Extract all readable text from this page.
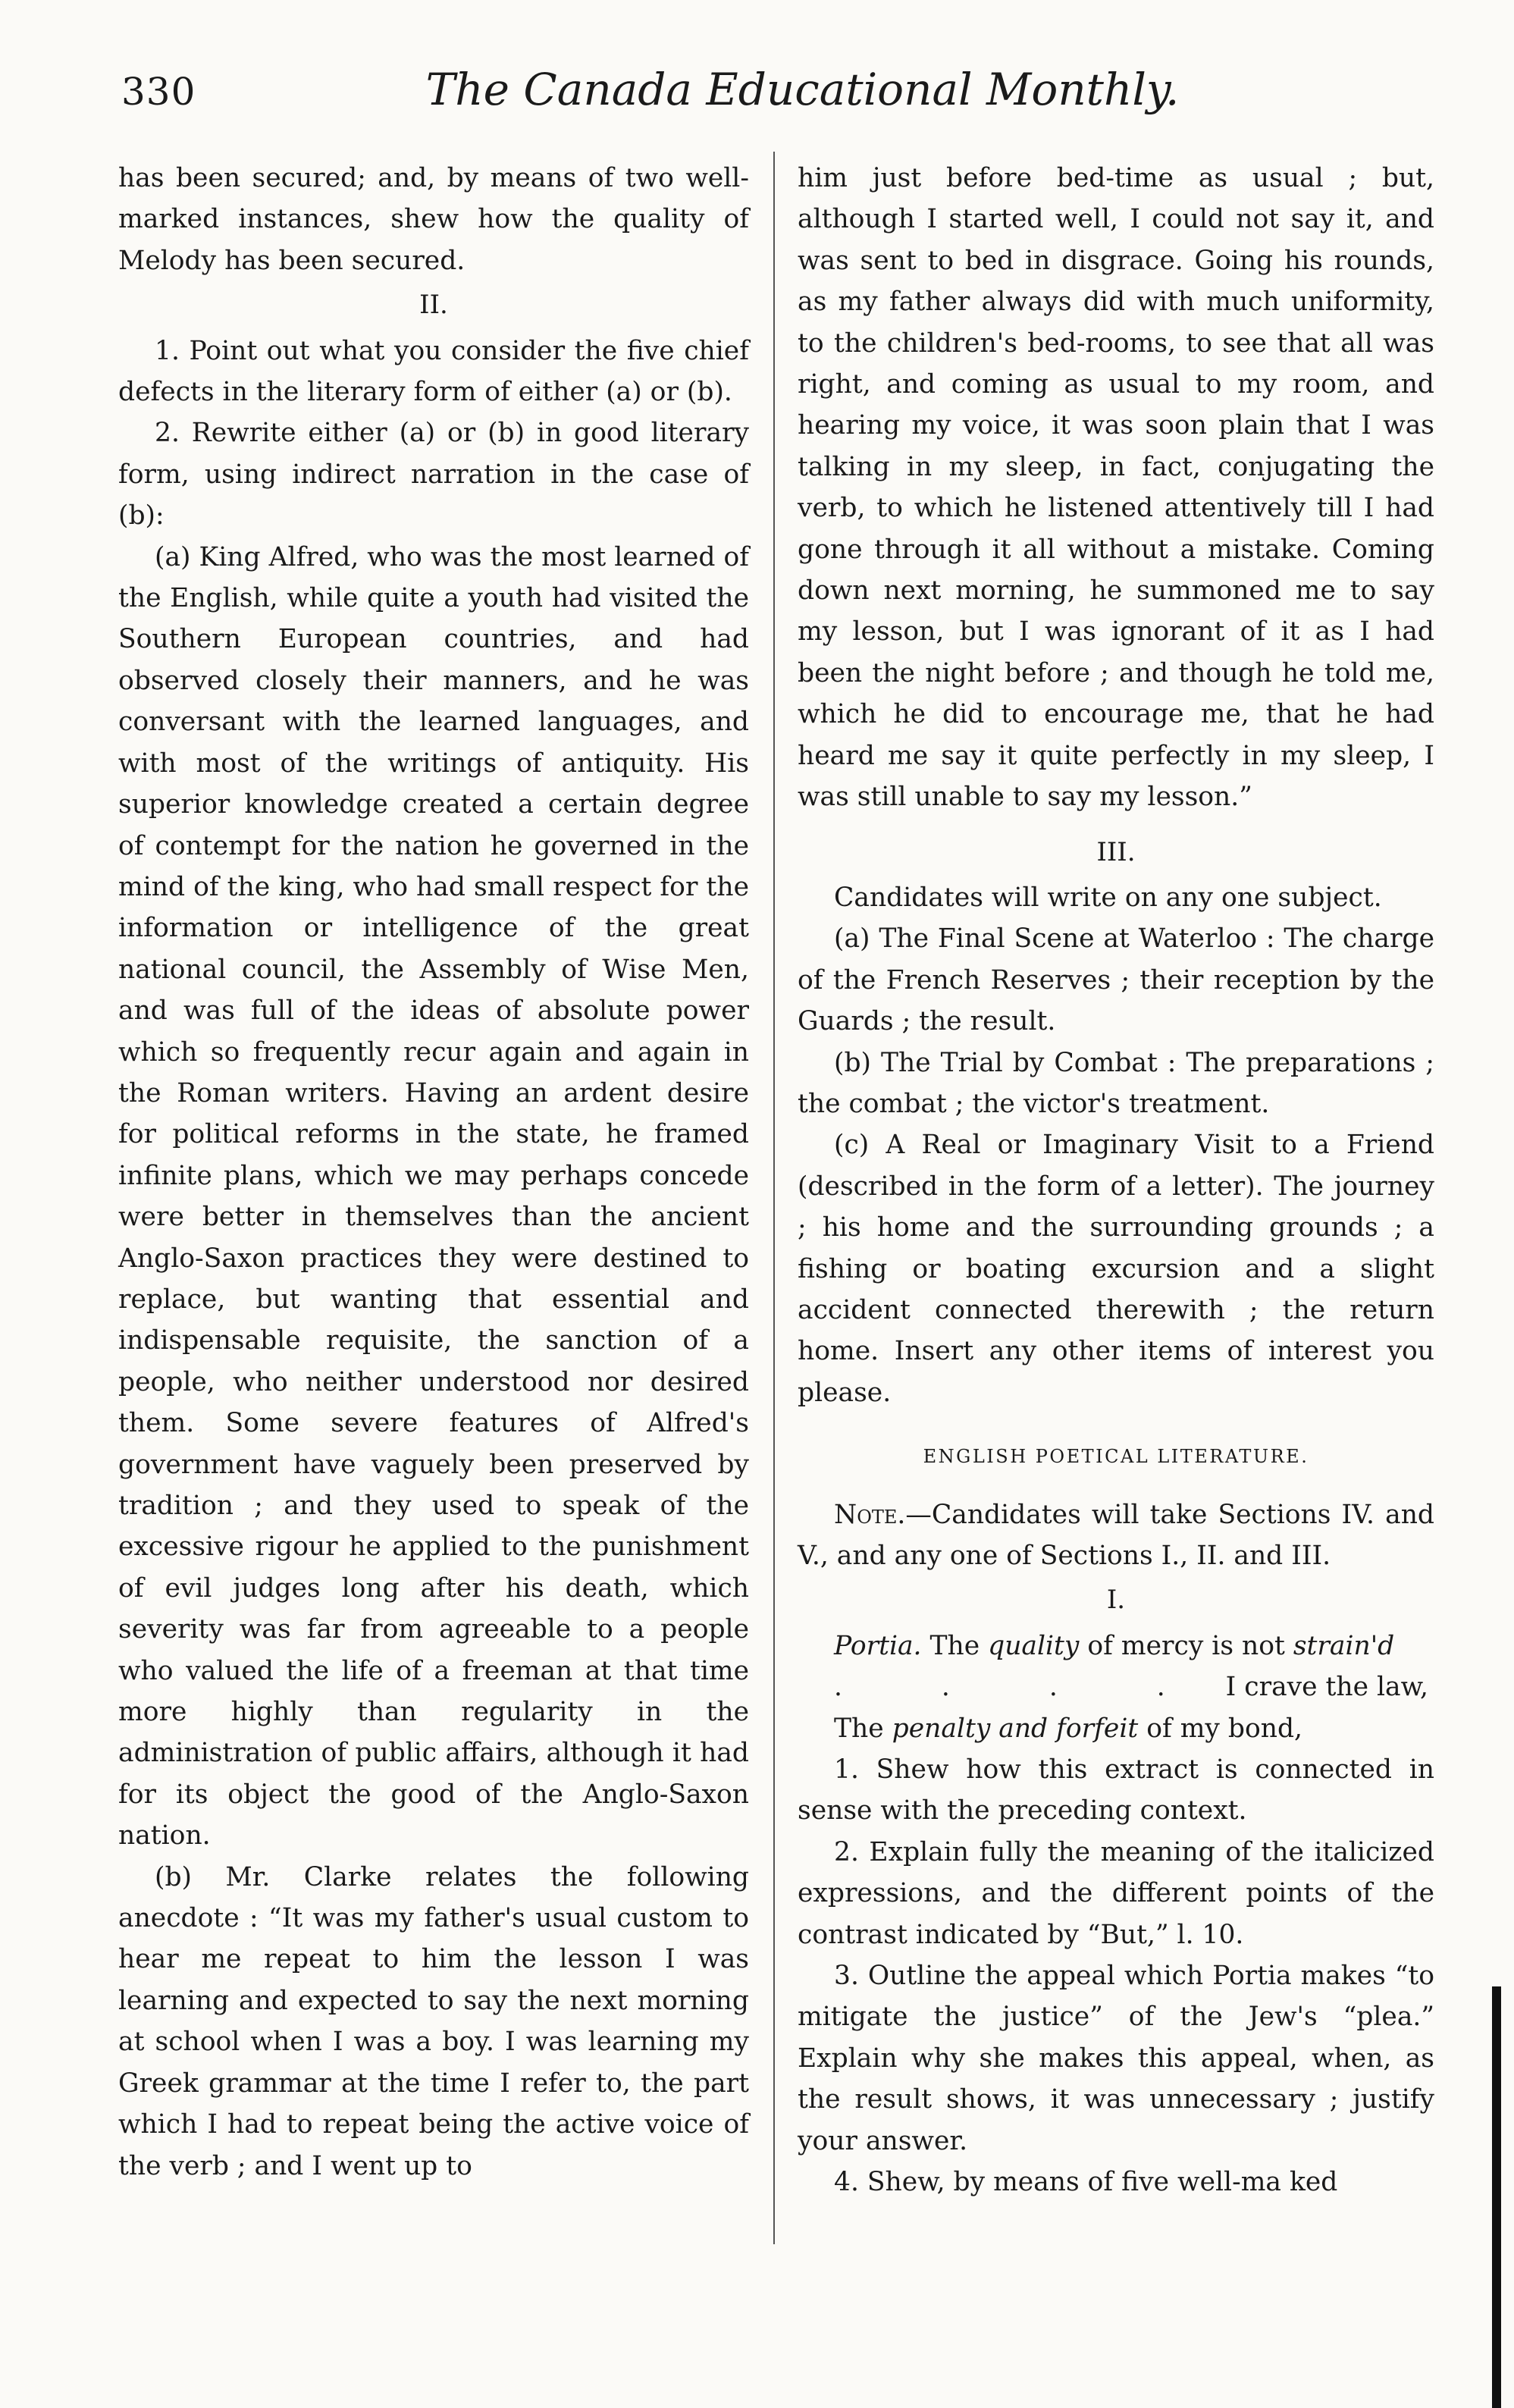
330	The Canada Educational Monthly.

has been secured; and, by means of two well-marked instances, shew how the quality of Melody has been secured.

II.

1. Point out what you consider the five chief defects in the literary form of either (a) or (b).

2. Rewrite either (a) or (b) in good literary form, using indirect narration in the case of (b):

(a) King Alfred, who was the most learned of the English, while quite a youth had visited the Southern European countries, and had observed closely their manners, and he was conversant with the learned languages, and with most of the writings of antiquity. His superior knowledge created a certain degree of contempt for the nation he governed in the mind of the king, who had small respect for the information or intelligence of the great national council, the Assembly of Wise Men, and was full of the ideas of absolute power which so frequently recur again and again in the Roman writers. Having an ardent desire for political reforms in the state, he framed infinite plans, which we may perhaps concede were better in themselves than the ancient Anglo-Saxon practices they were destined to replace, but wanting that essential and indispensable requisite, the sanction of a people, who neither understood nor desired them. Some severe features of Alfred's government have vaguely been preserved by tradition ; and they used to speak of the excessive rigour he applied to the punishment of evil judges long after his death, which severity was far from agreeable to a people who valued the life of a freeman at that time more highly than regularity in the administration of public affairs, although it had for its object the good of the Anglo-Saxon nation.

(b) Mr. Clarke relates the following anecdote : “It was my father's usual custom to hear me repeat to him the lesson I was learning and expected to say the next morning at school when I was a boy. I was learning my Greek grammar at the time I refer to, the part which I had to repeat being the active voice of the verb ; and I went up to

him just before bed-time as usual ; but, although I started well, I could not say it, and was sent to bed in disgrace. Going his rounds, as my father always did with much uniformity, to the children's bed-rooms, to see that all was right, and coming as usual to my room, and hearing my voice, it was soon plain that I was talking in my sleep, in fact, conjugating the verb, to which he listened attentively till I had gone through it all without a mistake. Coming down next morning, he summoned me to say my lesson, but I was ignorant of it as I had been the night before ; and though he told me, which he did to encourage me, that he had heard me say it quite perfectly in my sleep, I was still unable to say my lesson.”

III.

Candidates will write on any one subject.

(a) The Final Scene at Waterloo : The charge of the French Reserves ; their reception by the Guards ; the result.

(b) The Trial by Combat : The preparations ; the combat ; the victor's treatment.

(c) A Real or Imaginary Visit to a Friend (described in the form of a letter). The journey ; his home and the surrounding grounds ; a fishing or boating excursion and a slight accident connected therewith ; the return home. Insert any other items of interest you please.

ENGLISH POETICAL LITERATURE.

Note.—Candidates will take Sections IV. and V., and any one of Sections I., II. and III.

I.

Portia. The quality of mercy is not strain'd

. . . . I crave the law,

The penalty and forfeit of my bond,

1. Shew how this extract is connected in sense with the preceding context.

2. Explain fully the meaning of the italicized expressions, and the different points of the contrast indicated by “But,” l. 10.

3. Outline the appeal which Portia makes “to mitigate the justice” of the Jew's “plea.” Explain why she makes this appeal, when, as the result shows, it was unnecessary ; justify your answer.

4. Shew, by means of five well-ma ked
